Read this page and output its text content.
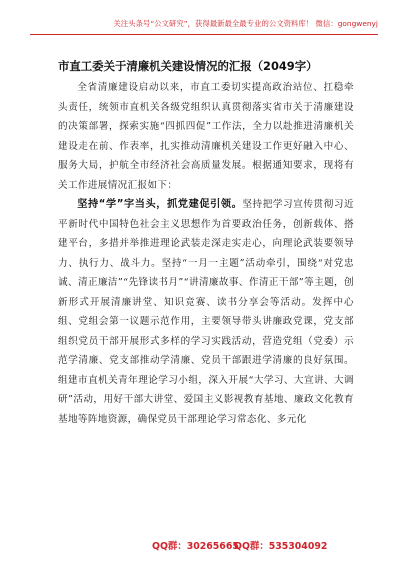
关注头条号“公文研究”，获得最新最全最专业的公文资料库！ 微信：gongwenyj
市直工委关于清廉机关建设情况的汇报（2049字）

全省清廉建设启动以来，市直工委切实提高政治站位、扛稳牵头责任，统领市直机关各级党组织认真贯彻落实省市关于清廉建设的决策部署，探索实施“四抓四促”工作法，全力以赴推进清廉机关建设走在前、作表率，扎实推动清廉机关建设工作更好融入中心、服务大局，护航全市经济社会高质量发展。根据通知要求，现将有关工作进展情况汇报如下：

坚持“学”字当头，抓党建促引领。坚持把学习宣传贯彻习近平新时代中国特色社会主义思想作为首要政治任务，创新载体、搭建平台，多措并举推进理论武装走深走实走心，向理论武装要领导力、执行力、战斗力。坚持“一月一主题”活动牵引，围绕“对党忠诚、清正廉洁”“先锋读书月”“讲清廉故事、作清正干部”等主题，创新形式开展清廉讲堂、知识竞赛、读书分享会等活动。发挥中心组、党组会第一议题示范作用，主要领导带头讲廉政党课，党支部组织党员干部开展形式多样的学习实践活动，营造党组（党委）示范学清廉、党支部推动学清廉、党员干部跟进学清廉的良好氛围。组建市直机关青年理论学习小组，深入开展“大学习、大宣讲、大调研”活动，用好干部大讲堂、爱国主义影视教育基地、廉政文化教育基地等阵地资源，确保党员干部理论学习常态化、多元化

QQ群：30265665
QQ群：535304092
